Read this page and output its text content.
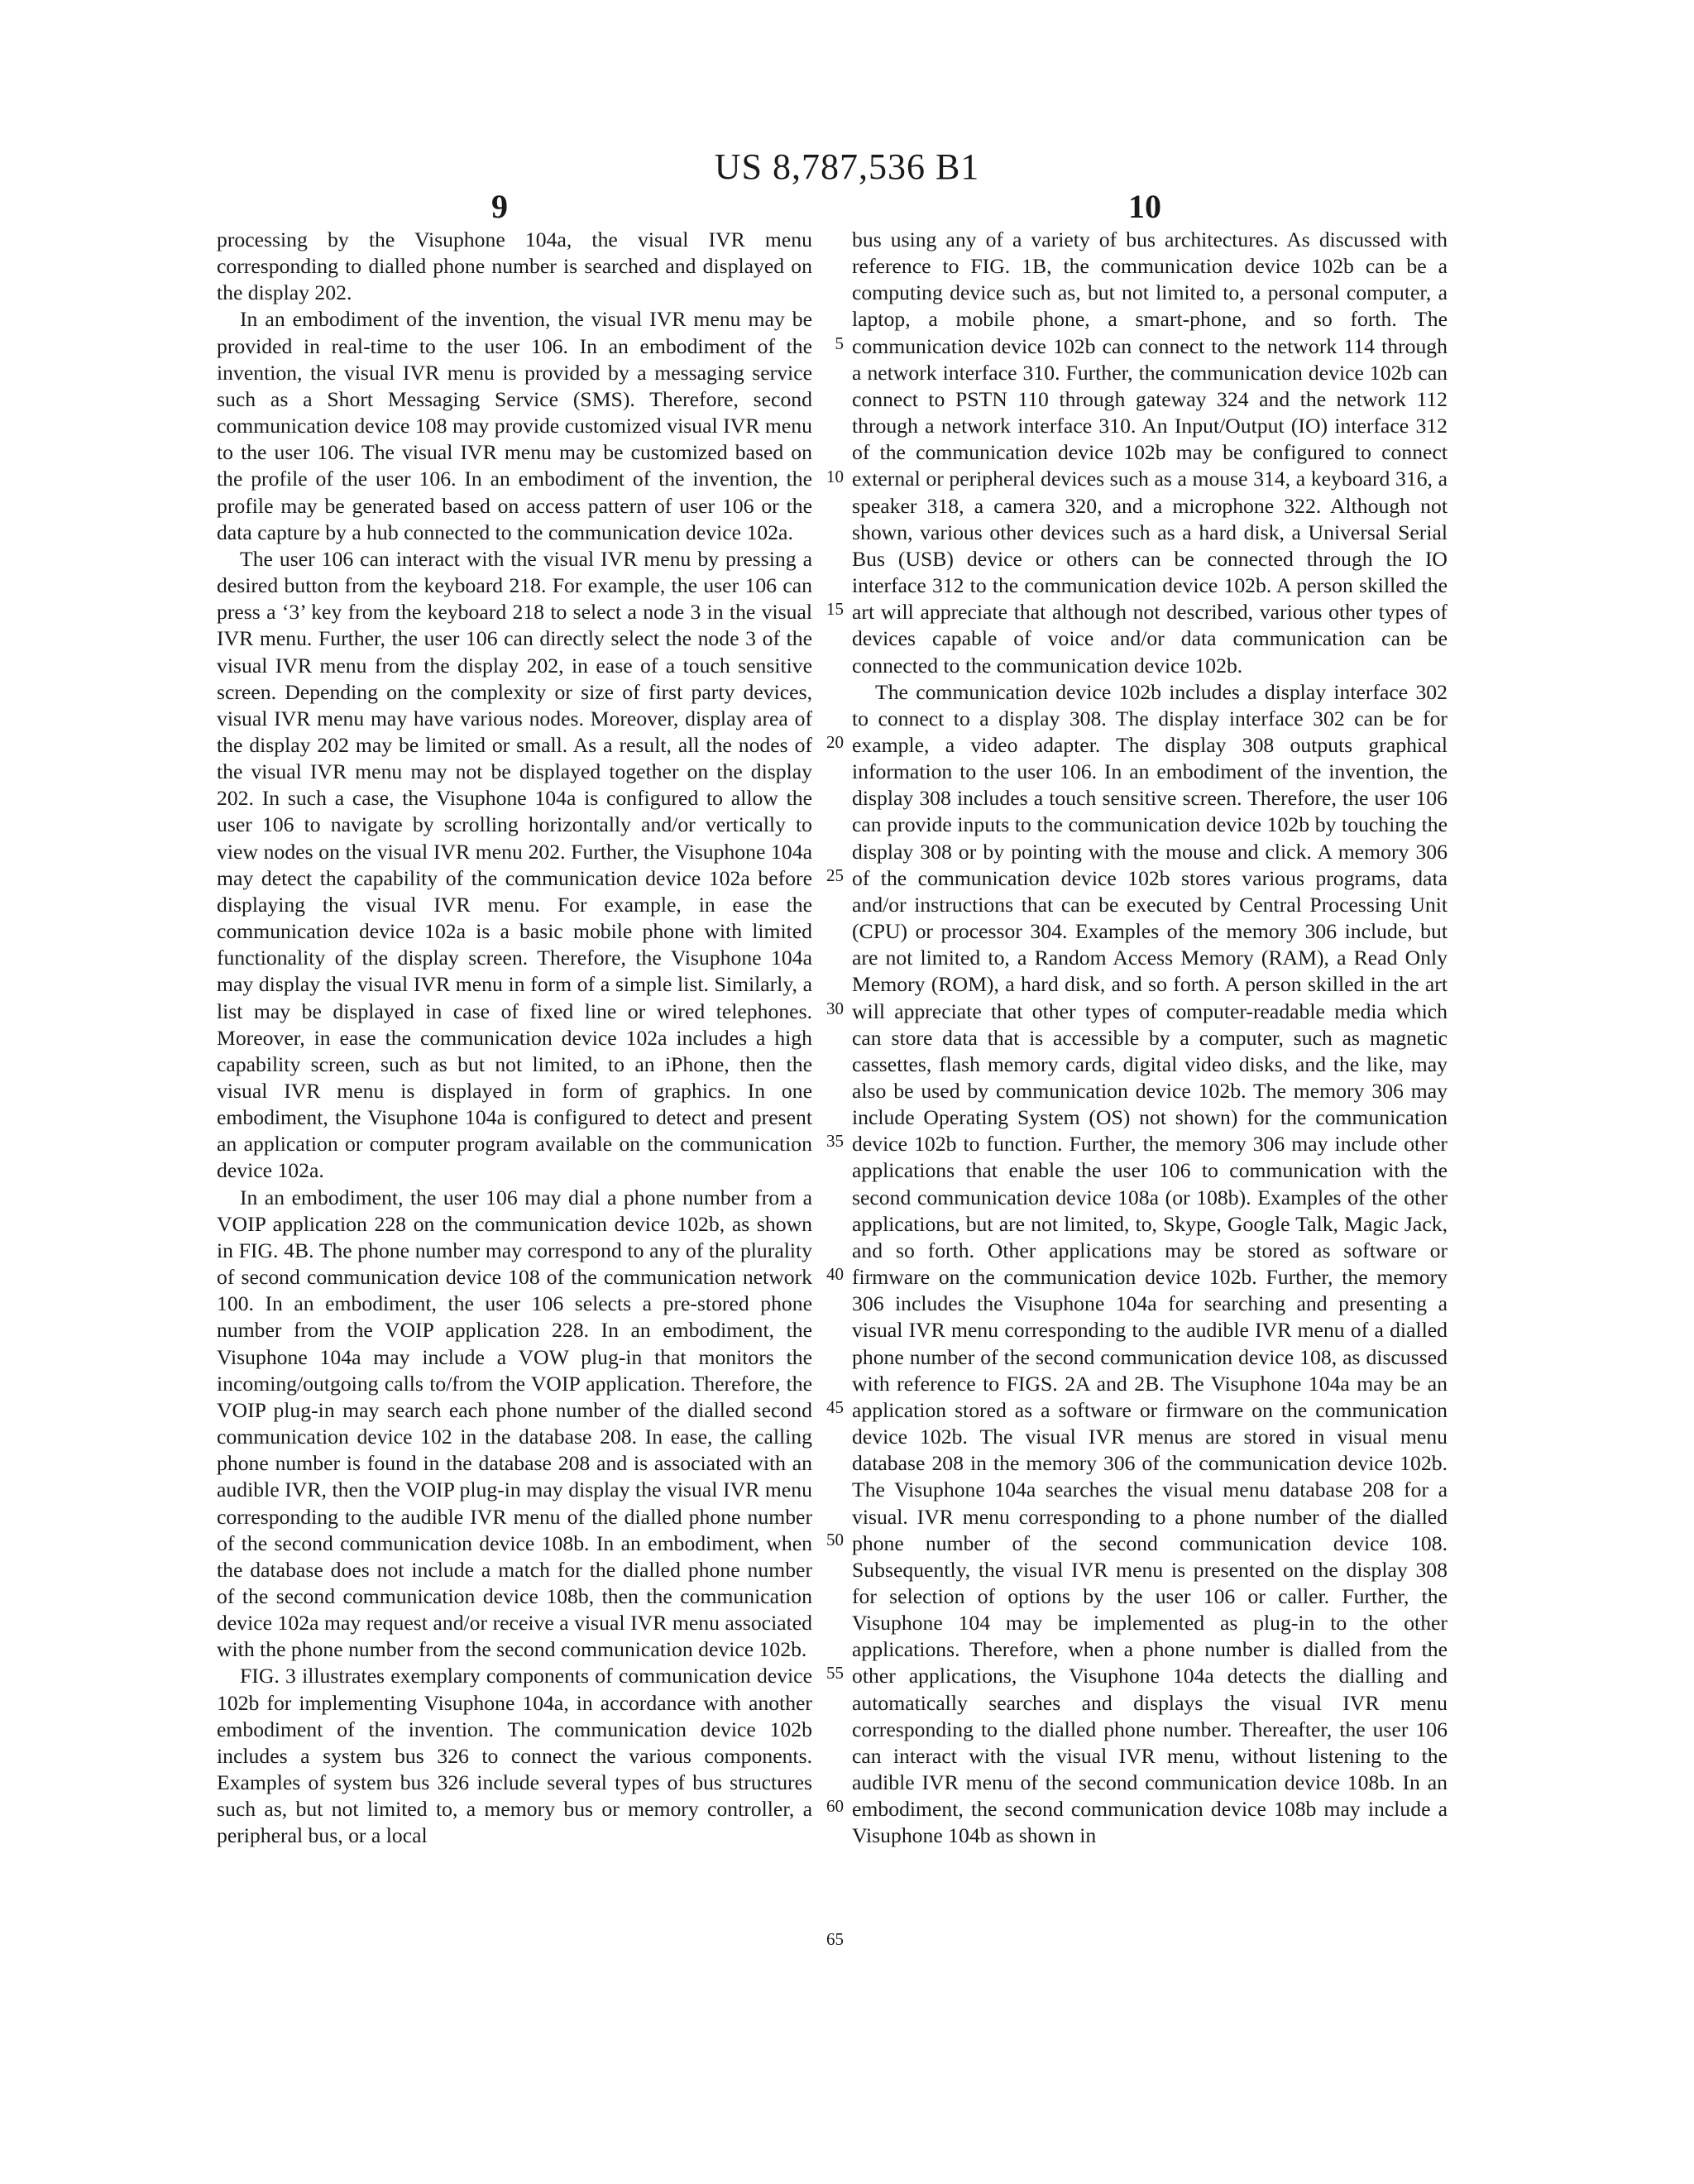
US 8,787,536 B1
9	10

processing by the Visuphone 104a, the visual IVR menu corresponding to dialled phone number is searched and displayed on the display 202.

In an embodiment of the invention, the visual IVR menu may be provided in real-time to the user 106. In an embodiment of the invention, the visual IVR menu is provided by a messaging service such as a Short Messaging Service (SMS). Therefore, second communication device 108 may provide customized visual IVR menu to the user 106. The visual IVR menu may be customized based on the profile of the user 106. In an embodiment of the invention, the profile may be generated based on access pattern of user 106 or the data capture by a hub connected to the communication device 102a.

The user 106 can interact with the visual IVR menu by pressing a desired button from the keyboard 218. For example, the user 106 can press a ‘3’ key from the keyboard 218 to select a node 3 in the visual IVR menu. Further, the user 106 can directly select the node 3 of the visual IVR menu from the display 202, in ease of a touch sensitive screen. Depending on the complexity or size of first party devices, visual IVR menu may have various nodes. Moreover, display area of the display 202 may be limited or small. As a result, all the nodes of the visual IVR menu may not be displayed together on the display 202. In such a case, the Visuphone 104a is configured to allow the user 106 to navigate by scrolling horizontally and/or vertically to view nodes on the visual IVR menu 202. Further, the Visuphone 104a may detect the capability of the communication device 102a before displaying the visual IVR menu. For example, in ease the communication device 102a is a basic mobile phone with limited functionality of the display screen. Therefore, the Visuphone 104a may display the visual IVR menu in form of a simple list. Similarly, a list may be displayed in case of fixed line or wired telephones. Moreover, in ease the communication device 102a includes a high capability screen, such as but not limited, to an iPhone, then the visual IVR menu is displayed in form of graphics. In one embodiment, the Visuphone 104a is configured to detect and present an application or computer program available on the communication device 102a.

In an embodiment, the user 106 may dial a phone number from a VOIP application 228 on the communication device 102b, as shown in FIG. 4B. The phone number may correspond to any of the plurality of second communication device 108 of the communication network 100. In an embodiment, the user 106 selects a pre-stored phone number from the VOIP application 228. In an embodiment, the Visuphone 104a may include a VOW plug-in that monitors the incoming/outgoing calls to/from the VOIP application. Therefore, the VOIP plug-in may search each phone number of the dialled second communication device 102 in the database 208. In ease, the calling phone number is found in the database 208 and is associated with an audible IVR, then the VOIP plug-in may display the visual IVR menu corresponding to the audible IVR menu of the dialled phone number of the second communication device 108b. In an embodiment, when the database does not include a match for the dialled phone number of the second communication device 108b, then the communication device 102a may request and/or receive a visual IVR menu associated with the phone number from the second communication device 102b.

FIG. 3 illustrates exemplary components of communication device 102b for implementing Visuphone 104a, in accordance with another embodiment of the invention. The communication device 102b includes a system bus 326 to connect the various components. Examples of system bus 326 include several types of bus structures such as, but not limited to, a memory bus or memory controller, a peripheral bus, or a local

bus using any of a variety of bus architectures. As discussed with reference to FIG. 1B, the communication device 102b can be a computing device such as, but not limited to, a personal computer, a laptop, a mobile phone, a smart-phone, and so forth. The communication device 102b can connect to the network 114 through a network interface 310. Further, the communication device 102b can connect to PSTN 110 through gateway 324 and the network 112 through a network interface 310. An Input/Output (IO) interface 312 of the communication device 102b may be configured to connect external or peripheral devices such as a mouse 314, a keyboard 316, a speaker 318, a camera 320, and a microphone 322. Although not shown, various other devices such as a hard disk, a Universal Serial Bus (USB) device or others can be connected through the IO interface 312 to the communication device 102b. A person skilled the art will appreciate that although not described, various other types of devices capable of voice and/or data communication can be connected to the communication device 102b.

The communication device 102b includes a display interface 302 to connect to a display 308. The display interface 302 can be for example, a video adapter. The display 308 outputs graphical information to the user 106. In an embodiment of the invention, the display 308 includes a touch sensitive screen. Therefore, the user 106 can provide inputs to the communication device 102b by touching the display 308 or by pointing with the mouse and click. A memory 306 of the communication device 102b stores various programs, data and/or instructions that can be executed by Central Processing Unit (CPU) or processor 304. Examples of the memory 306 include, but are not limited to, a Random Access Memory (RAM), a Read Only Memory (ROM), a hard disk, and so forth. A person skilled in the art will appreciate that other types of computer-readable media which can store data that is accessible by a computer, such as magnetic cassettes, flash memory cards, digital video disks, and the like, may also be used by communication device 102b. The memory 306 may include Operating System (OS) not shown) for the communication device 102b to function. Further, the memory 306 may include other applications that enable the user 106 to communication with the second communication device 108a (or 108b). Examples of the other applications, but are not limited, to, Skype, Google Talk, Magic Jack, and so forth. Other applications may be stored as software or firmware on the communication device 102b. Further, the memory 306 includes the Visuphone 104a for searching and presenting a visual IVR menu corresponding to the audible IVR menu of a dialled phone number of the second communication device 108, as discussed with reference to FIGS. 2A and 2B. The Visuphone 104a may be an application stored as a software or firmware on the communication device 102b. The visual IVR menus are stored in visual menu database 208 in the memory 306 of the communication device 102b. The Visuphone 104a searches the visual menu database 208 for a visual. IVR menu corresponding to a phone number of the dialled phone number of the second communication device 108. Subsequently, the visual IVR menu is presented on the display 308 for selection of options by the user 106 or caller. Further, the Visuphone 104 may be implemented as plug-in to the other applications. Therefore, when a phone number is dialled from the other applications, the Visuphone 104a detects the dialling and automatically searches and displays the visual IVR menu corresponding to the dialled phone number. Thereafter, the user 106 can interact with the visual IVR menu, without listening to the audible IVR menu of the second communication device 108b. In an embodiment, the second communication device 108b may include a Visuphone 104b as shown in

5
10
15
20
25
30
35
40
45
50
55
60
65
